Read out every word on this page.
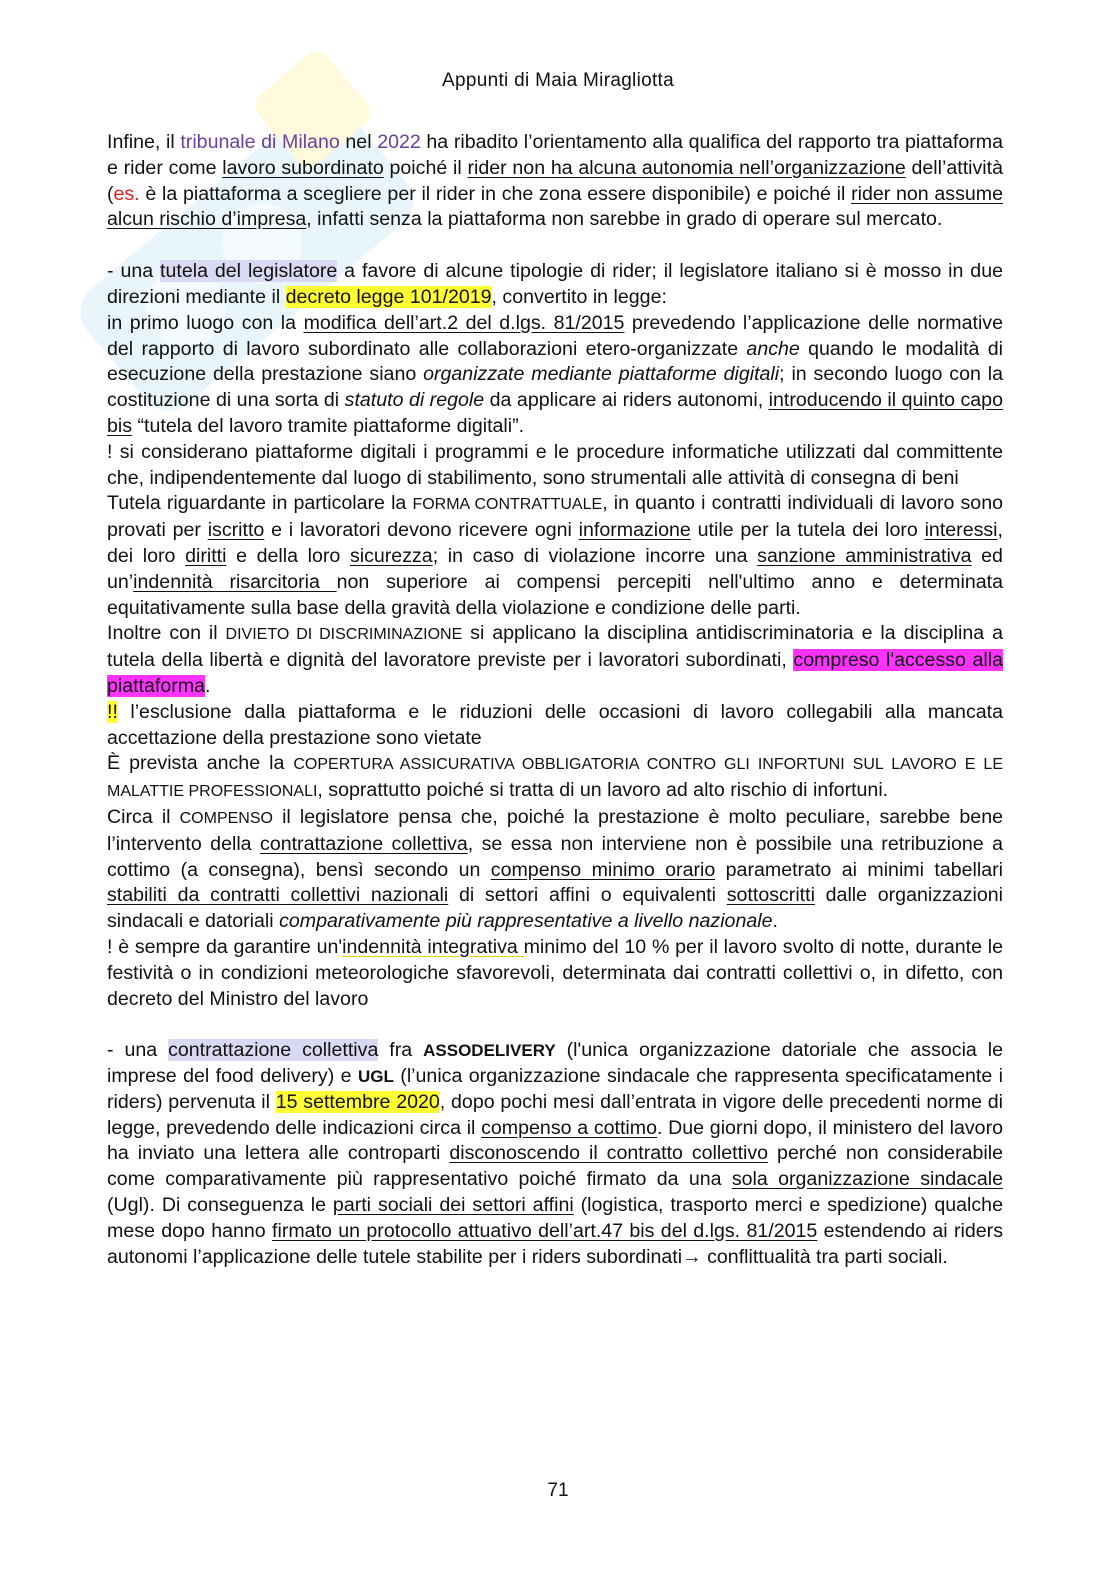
Appunti di Maia Miragliotta

Infine, il tribunale di Milano nel 2022 ha ribadito l’orientamento alla qualifica del rapporto tra piattaforma e rider come lavoro subordinato poiché il rider non ha alcuna autonomia nell’organizzazione dell’attività (es. è la piattaforma a scegliere per il rider in che zona essere disponibile) e poiché il rider non assume alcun rischio d’impresa, infatti senza la piattaforma non sarebbe in grado di operare sul mercato.

- una tutela del legislatore a favore di alcune tipologie di rider; il legislatore italiano si è mosso in due direzioni mediante il decreto legge 101/2019, convertito in legge:

in primo luogo con la modifica dell’art.2 del d.lgs. 81/2015 prevedendo l’applicazione delle normative del rapporto di lavoro subordinato alle collaborazioni etero-organizzate anche quando le modalità di esecuzione della prestazione siano organizzate mediante piattaforme digitali; in secondo luogo con la costituzione di una sorta di statuto di regole da applicare ai riders autonomi, introducendo il quinto capo bis “tutela del lavoro tramite piattaforme digitali”.

! si considerano piattaforme digitali i programmi e le procedure informatiche utilizzati dal committente che, indipendentemente dal luogo di stabilimento, sono strumentali alle attività di consegna di beni

Tutela riguardante in particolare la FORMA CONTRATTUALE, in quanto i contratti individuali di lavoro sono provati per iscritto e i lavoratori devono ricevere ogni informazione utile per la tutela dei loro interessi, dei loro diritti e della loro sicurezza; in caso di violazione incorre una sanzione amministrativa ed un’indennità risarcitoria non superiore ai compensi percepiti nell'ultimo anno e determinata equitativamente sulla base della gravità della violazione e condizione delle parti.

Inoltre con il DIVIETO DI DISCRIMINAZIONE si applicano la disciplina antidiscriminatoria e la disciplina a tutela della libertà e dignità del lavoratore previste per i lavoratori subordinati, compreso l'accesso alla piattaforma.

!! l’esclusione dalla piattaforma e le riduzioni delle occasioni di lavoro collegabili alla mancata accettazione della prestazione sono vietate

È prevista anche la COPERTURA ASSICURATIVA OBBLIGATORIA CONTRO GLI INFORTUNI SUL LAVORO E LE MALATTIE PROFESSIONALI, soprattutto poiché si tratta di un lavoro ad alto rischio di infortuni.

Circa il COMPENSO il legislatore pensa che, poiché la prestazione è molto peculiare, sarebbe bene l’intervento della contrattazione collettiva, se essa non interviene non è possibile una retribuzione a cottimo (a consegna), bensì secondo un compenso minimo orario parametrato ai minimi tabellari stabiliti da contratti collettivi nazionali di settori affini o equivalenti sottoscritti dalle organizzazioni sindacali e datoriali comparativamente più rappresentative a livello nazionale.

! è sempre da garantire un'indennità integrativa minimo del 10 % per il lavoro svolto di notte, durante le festività o in condizioni meteorologiche sfavorevoli, determinata dai contratti collettivi o, in difetto, con decreto del Ministro del lavoro

- una contrattazione collettiva fra ASSODELIVERY (l'unica organizzazione datoriale che associa le imprese del food delivery) e UGL (l’unica organizzazione sindacale che rappresenta specificatamente i riders) pervenuta il 15 settembre 2020, dopo pochi mesi dall’entrata in vigore delle precedenti norme di legge, prevedendo delle indicazioni circa il compenso a cottimo. Due giorni dopo, il ministero del lavoro ha inviato una lettera alle controparti disconoscendo il contratto collettivo perché non considerabile come comparativamente più rappresentativo poiché firmato da una sola organizzazione sindacale (Ugl). Di conseguenza le parti sociali dei settori affini (logistica, trasporto merci e spedizione) qualche mese dopo hanno firmato un protocollo attuativo dell’art.47 bis del d.lgs. 81/2015 estendendo ai riders autonomi l’applicazione delle tutele stabilite per i riders subordinati→ conflittualità tra parti sociali.

71
